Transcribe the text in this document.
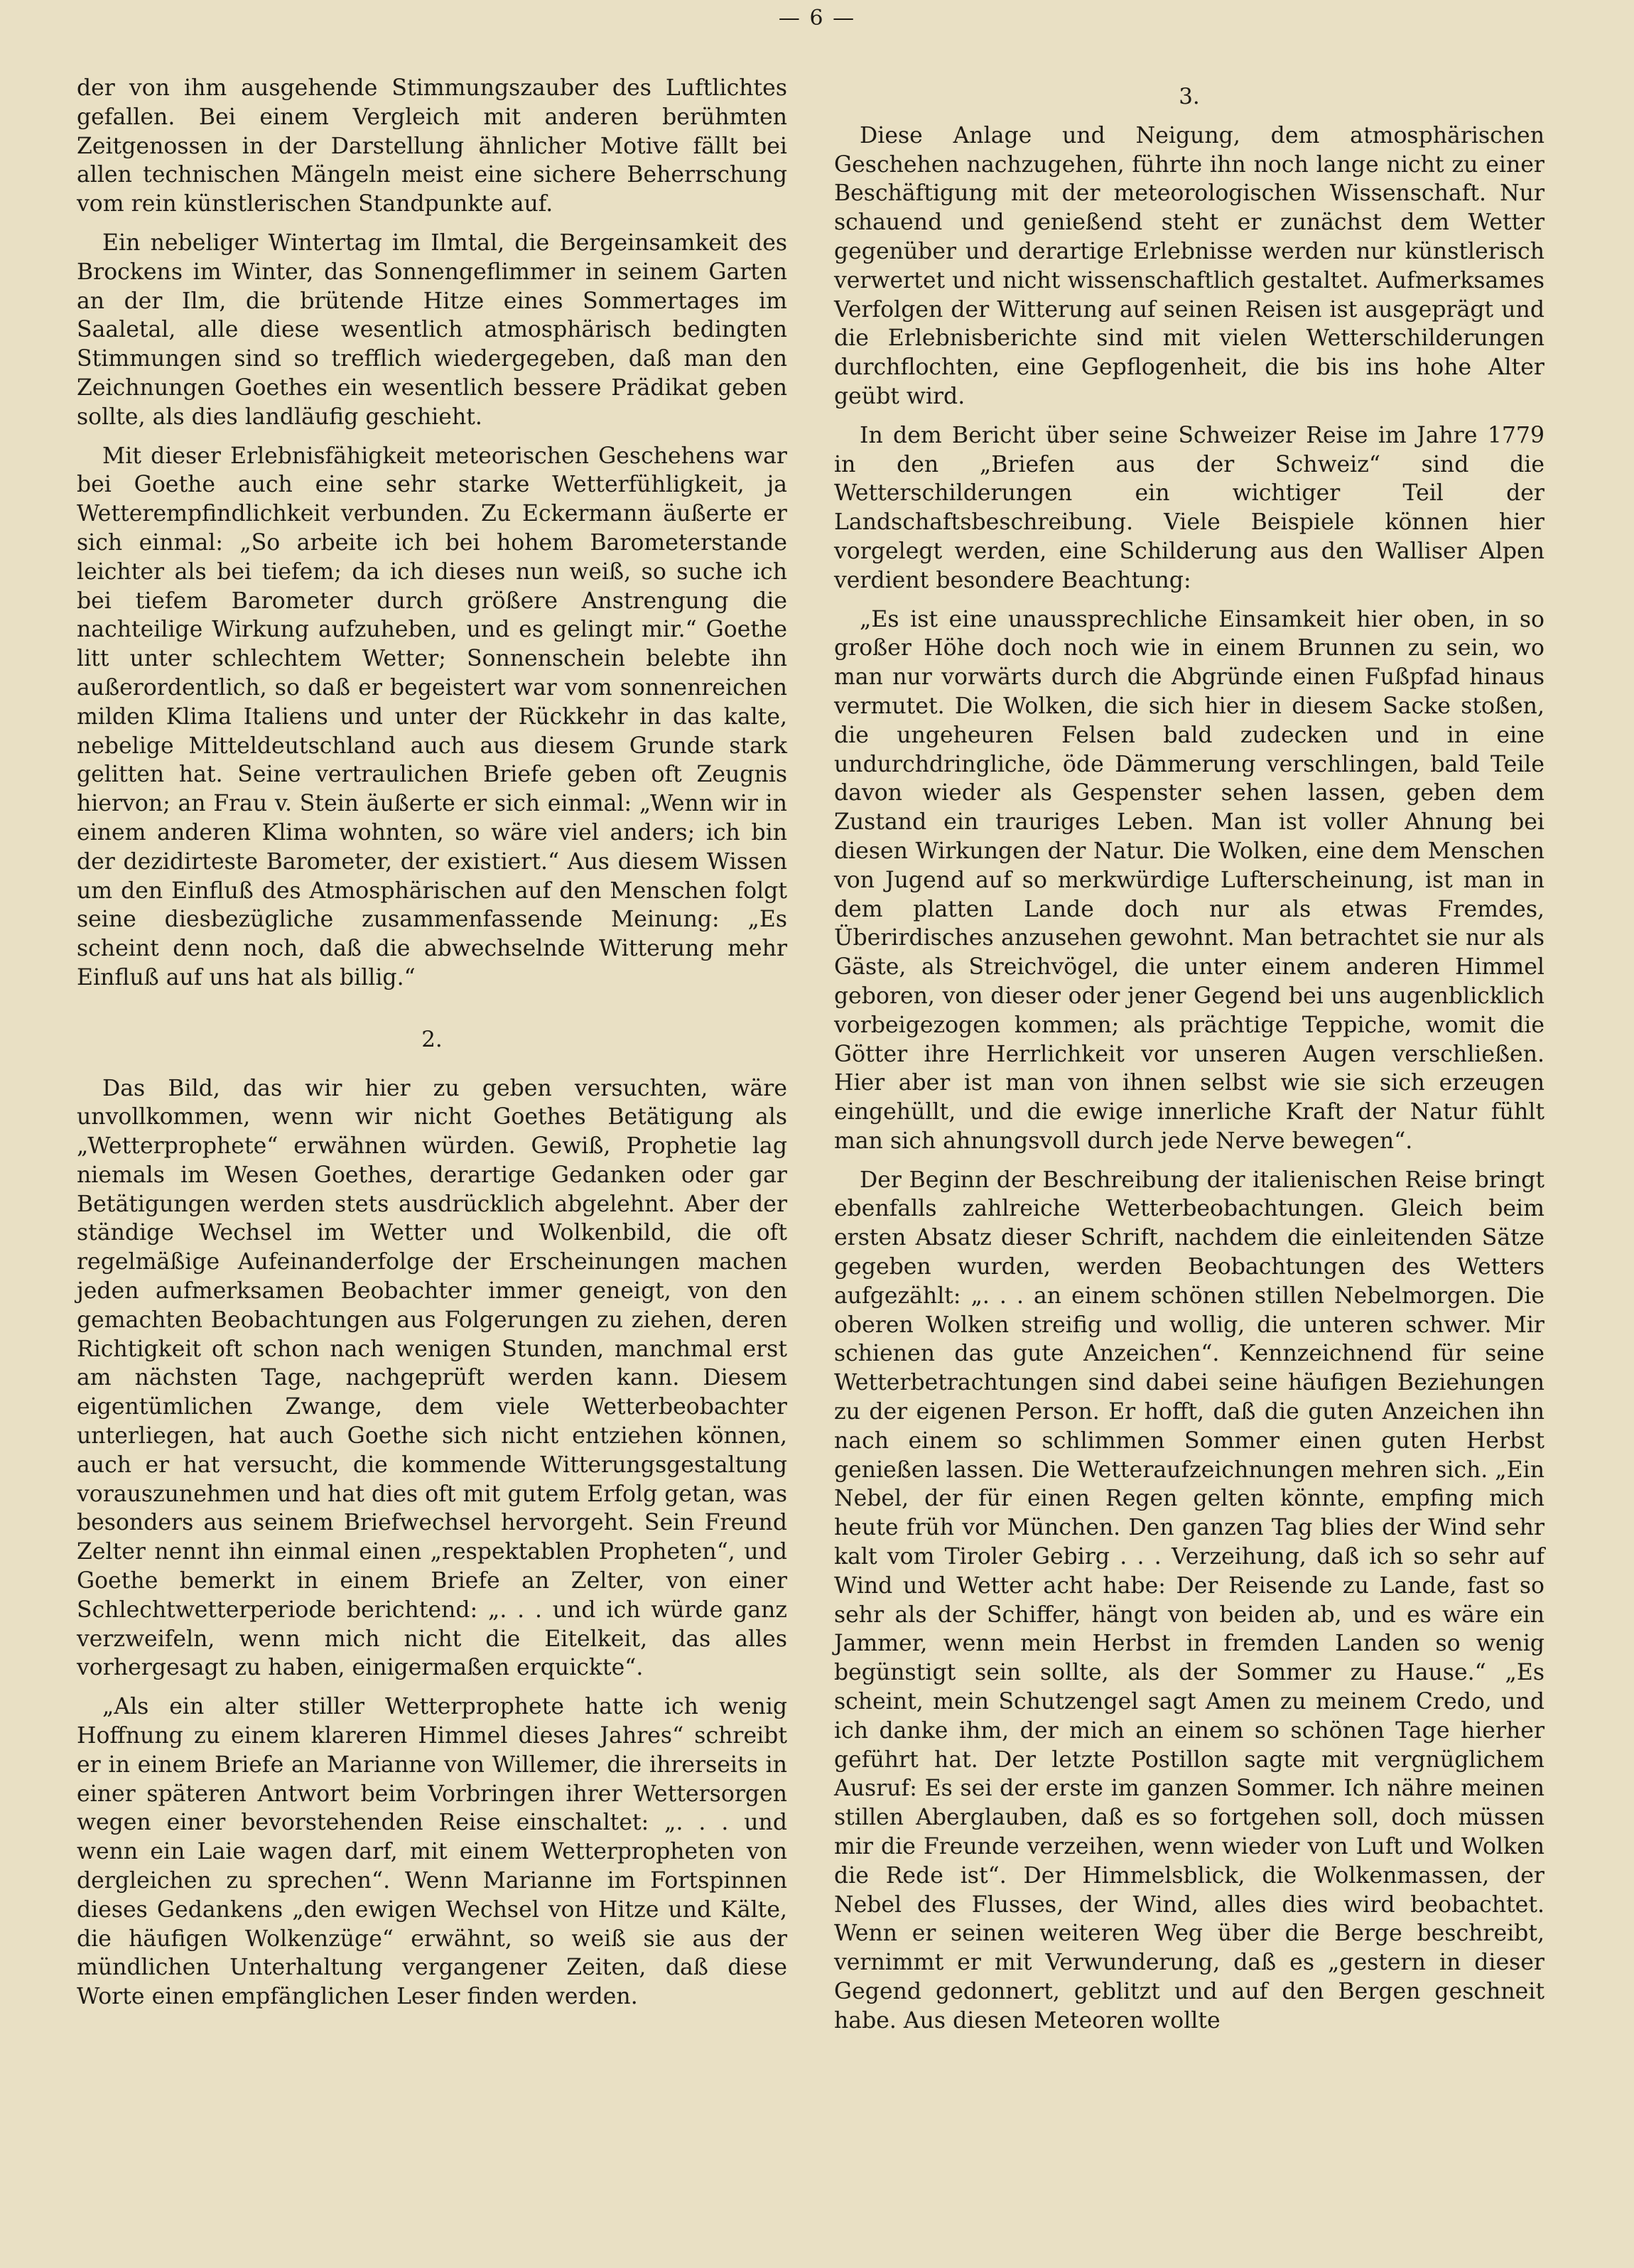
— 6 —

der von ihm ausgehende Stimmungszauber des Luftlichtes gefallen. Bei einem Vergleich mit anderen berühmten Zeitgenossen in der Darstellung ähnlicher Motive fällt bei allen technischen Mängeln meist eine sichere Beherrschung vom rein künstlerischen Standpunkte auf.

Ein nebeliger Wintertag im Ilmtal, die Bergeinsamkeit des Brockens im Winter, das Sonnengeflimmer in seinem Garten an der Ilm, die brütende Hitze eines Sommertages im Saaletal, alle diese wesentlich atmosphärisch bedingten Stimmungen sind so trefflich wiedergegeben, daß man den Zeichnungen Goethes ein wesentlich bessere Prädikat geben sollte, als dies landläufig geschieht.

Mit dieser Erlebnisfähigkeit meteorischen Geschehens war bei Goethe auch eine sehr starke Wetterfühligkeit, ja Wetterempfindlichkeit verbunden. Zu Eckermann äußerte er sich einmal: „So arbeite ich bei hohem Barometerstande leichter als bei tiefem; da ich dieses nun weiß, so suche ich bei tiefem Barometer durch größere Anstrengung die nachteilige Wirkung aufzuheben, und es gelingt mir.“ Goethe litt unter schlechtem Wetter; Sonnenschein belebte ihn außerordentlich, so daß er begeistert war vom sonnenreichen milden Klima Italiens und unter der Rückkehr in das kalte, nebelige Mitteldeutschland auch aus diesem Grunde stark gelitten hat. Seine vertraulichen Briefe geben oft Zeugnis hiervon; an Frau v. Stein äußerte er sich einmal: „Wenn wir in einem anderen Klima wohnten, so wäre viel anders; ich bin der dezidirteste Barometer, der existiert.“ Aus diesem Wissen um den Einfluß des Atmosphärischen auf den Menschen folgt seine diesbezügliche zusammenfassende Meinung: „Es scheint denn noch, daß die abwechselnde Witterung mehr Einfluß auf uns hat als billig.“

2.

Das Bild, das wir hier zu geben versuchten, wäre unvollkommen, wenn wir nicht Goethes Betätigung als „Wetterprophete“ erwähnen würden. Gewiß, Prophetie lag niemals im Wesen Goethes, derartige Gedanken oder gar Betätigungen werden stets ausdrücklich abgelehnt. Aber der ständige Wechsel im Wetter und Wolkenbild, die oft regelmäßige Aufeinanderfolge der Erscheinungen machen jeden aufmerksamen Beobachter immer geneigt, von den gemachten Beobachtungen aus Folgerungen zu ziehen, deren Richtigkeit oft schon nach wenigen Stunden, manchmal erst am nächsten Tage, nachgeprüft werden kann. Diesem eigentümlichen Zwange, dem viele Wetterbeobachter unterliegen, hat auch Goethe sich nicht entziehen können, auch er hat versucht, die kommende Witterungsgestaltung vorauszunehmen und hat dies oft mit gutem Erfolg getan, was besonders aus seinem Briefwechsel hervorgeht. Sein Freund Zelter nennt ihn einmal einen „respektablen Propheten“, und Goethe bemerkt in einem Briefe an Zelter, von einer Schlechtwetterperiode berichtend: „. . . und ich würde ganz verzweifeln, wenn mich nicht die Eitelkeit, das alles vorhergesagt zu haben, einigermaßen erquickte“.

„Als ein alter stiller Wetterprophete hatte ich wenig Hoffnung zu einem klareren Himmel dieses Jahres“ schreibt er in einem Briefe an Marianne von Willemer, die ihrerseits in einer späteren Antwort beim Vorbringen ihrer Wettersorgen wegen einer bevorstehenden Reise einschaltet: „. . . und wenn ein Laie wagen darf, mit einem Wetterpropheten von dergleichen zu sprechen“. Wenn Marianne im Fortspinnen dieses Gedankens „den ewigen Wechsel von Hitze und Kälte, die häufigen Wolkenzüge“ erwähnt, so weiß sie aus der mündlichen Unterhaltung vergangener Zeiten, daß diese Worte einen empfänglichen Leser finden werden.

3.

Diese Anlage und Neigung, dem atmosphärischen Geschehen nachzugehen, führte ihn noch lange nicht zu einer Beschäftigung mit der meteorologischen Wissenschaft. Nur schauend und genießend steht er zunächst dem Wetter gegenüber und derartige Erlebnisse werden nur künstlerisch verwertet und nicht wissenschaftlich gestaltet. Aufmerksames Verfolgen der Witterung auf seinen Reisen ist ausgeprägt und die Erlebnisberichte sind mit vielen Wetterschilderungen durchflochten, eine Gepflogenheit, die bis ins hohe Alter geübt wird.

In dem Bericht über seine Schweizer Reise im Jahre 1779 in den „Briefen aus der Schweiz“ sind die Wetterschilderungen ein wichtiger Teil der Landschaftsbeschreibung. Viele Beispiele können hier vorgelegt werden, eine Schilderung aus den Walliser Alpen verdient besondere Beachtung:

„Es ist eine unaussprechliche Einsamkeit hier oben, in so großer Höhe doch noch wie in einem Brunnen zu sein, wo man nur vorwärts durch die Abgründe einen Fußpfad hinaus vermutet. Die Wolken, die sich hier in diesem Sacke stoßen, die ungeheuren Felsen bald zudecken und in eine undurchdringliche, öde Dämmerung verschlingen, bald Teile davon wieder als Gespenster sehen lassen, geben dem Zustand ein trauriges Leben. Man ist voller Ahnung bei diesen Wirkungen der Natur. Die Wolken, eine dem Menschen von Jugend auf so merkwürdige Lufterscheinung, ist man in dem platten Lande doch nur als etwas Fremdes, Überirdisches anzusehen gewohnt. Man betrachtet sie nur als Gäste, als Streichvögel, die unter einem anderen Himmel geboren, von dieser oder jener Gegend bei uns augenblicklich vorbeigezogen kommen; als prächtige Teppiche, womit die Götter ihre Herrlichkeit vor unseren Augen verschließen. Hier aber ist man von ihnen selbst wie sie sich erzeugen eingehüllt, und die ewige innerliche Kraft der Natur fühlt man sich ahnungsvoll durch jede Nerve bewegen“.

Der Beginn der Beschreibung der italienischen Reise bringt ebenfalls zahlreiche Wetterbeobachtungen. Gleich beim ersten Absatz dieser Schrift, nachdem die einleitenden Sätze gegeben wurden, werden Beobachtungen des Wetters aufgezählt: „. . . an einem schönen stillen Nebelmorgen. Die oberen Wolken streifig und wollig, die unteren schwer. Mir schienen das gute Anzeichen“. Kennzeichnend für seine Wetterbetrachtungen sind dabei seine häufigen Beziehungen zu der eigenen Person. Er hofft, daß die guten Anzeichen ihn nach einem so schlimmen Sommer einen guten Herbst genießen lassen. Die Wetteraufzeichnungen mehren sich. „Ein Nebel, der für einen Regen gelten könnte, empfing mich heute früh vor München. Den ganzen Tag blies der Wind sehr kalt vom Tiroler Gebirg . . . Verzeihung, daß ich so sehr auf Wind und Wetter acht habe: Der Reisende zu Lande, fast so sehr als der Schiffer, hängt von beiden ab, und es wäre ein Jammer, wenn mein Herbst in fremden Landen so wenig begünstigt sein sollte, als der Sommer zu Hause.“ „Es scheint, mein Schutzengel sagt Amen zu meinem Credo, und ich danke ihm, der mich an einem so schönen Tage hierher geführt hat. Der letzte Postillon sagte mit vergnüglichem Ausruf: Es sei der erste im ganzen Sommer. Ich nähre meinen stillen Aberglauben, daß es so fortgehen soll, doch müssen mir die Freunde verzeihen, wenn wieder von Luft und Wolken die Rede ist“. Der Himmelsblick, die Wolkenmassen, der Nebel des Flusses, der Wind, alles dies wird beobachtet. Wenn er seinen weiteren Weg über die Berge beschreibt, vernimmt er mit Verwunderung, daß es „gestern in dieser Gegend gedonnert, geblitzt und auf den Bergen geschneit habe. Aus diesen Meteoren wollte
